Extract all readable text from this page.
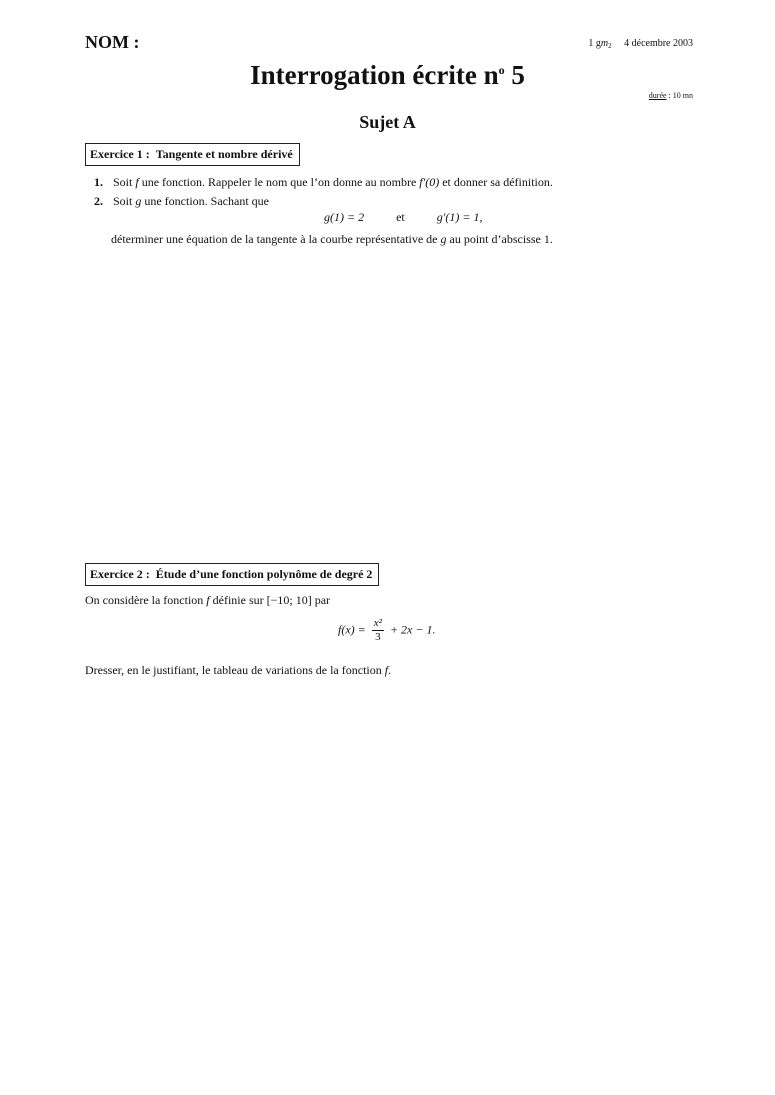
NOM :	1 $gm_2$ 4 décembre 2003
Interrogation écrite $n^o$ 5
durée : 10 mn
Sujet A
Exercice 1 : Tangente et nombre dérivé
1. Soit f une fonction. Rappeler le nom que l’on donne au nombre f′(0) et donner sa définition.
2. Soit g une fonction. Sachant que
g(1) = 2	et	g′(1) = 1,
déterminer une équation de la tangente à la courbe représentative de g au point d’abscisse 1.
Exercice 2 : Étude d’une fonction polynôme de degré 2
On considère la fonction f définie sur [−10; 10] par
$f(x) = \frac{\text{x²}}{3} + 2x - 1$.
Dresser, en le justifiant, le tableau de variations de la fonction f.
